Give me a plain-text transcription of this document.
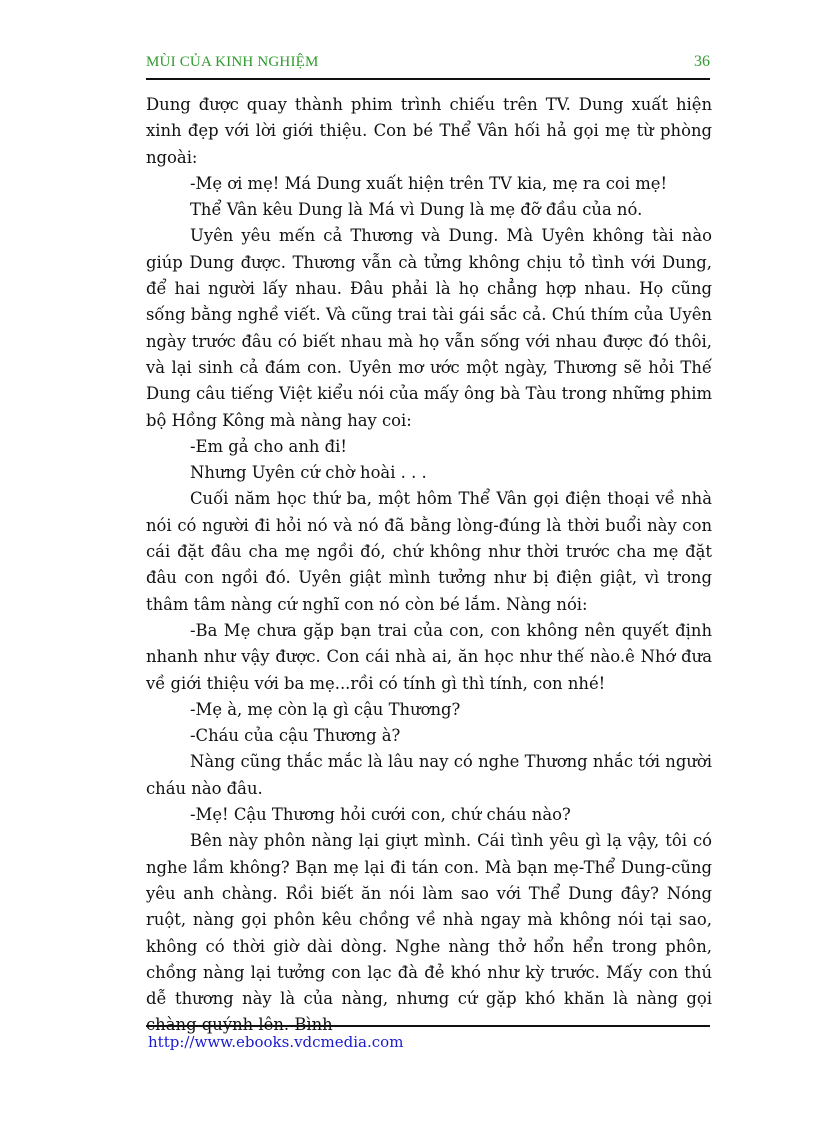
MÙI CỦA KINH NGHIỆM	36

Dung được quay thành phim trình chiếu trên TV. Dung xuất hiện xinh đẹp với lời giới thiệu. Con bé Thể Vân hối hả gọi mẹ từ phòng ngoài:

-Mẹ ơi mẹ! Má Dung xuất hiện trên TV kia, mẹ ra coi mẹ!

Thể Vân kêu Dung là Má vì Dung là mẹ đỡ đầu của nó.

Uyên yêu mến cả Thương và Dung. Mà Uyên không tài nào giúp Dung được. Thương vẫn cà tửng không chịu tỏ tình với Dung, để hai người lấy nhau. Đâu phải là họ chẳng hợp nhau. Họ cũng sống bằng nghề viết. Và cũng trai tài gái sắc cả. Chú thím của Uyên ngày trước đâu có biết nhau mà họ vẫn sống với nhau được đó thôi, và lại sinh cả đám con. Uyên mơ ước một ngày, Thương sẽ hỏi Thế Dung câu tiếng Việt kiểu nói của mấy ông bà Tàu trong những phim bộ Hồng Kông mà nàng hay coi:

-Em gả cho anh đi!

Nhưng Uyên cứ chờ hoài . . .

Cuối năm học thứ ba, một hôm Thể Vân gọi điện thoại về nhà nói có người đi hỏi nó và nó đã bằng lòng-đúng là thời buổi này con cái đặt đâu cha mẹ ngồi đó, chứ không như thời trước cha mẹ đặt đâu con ngồi đó. Uyên giật mình tưởng như bị điện giật, vì trong thâm tâm nàng cứ nghĩ con nó còn bé lắm. Nàng nói:

-Ba Mẹ chưa gặp bạn trai của con, con không nên quyết định nhanh như vậy được. Con cái nhà ai, ăn học như thế nào.ê Nhớ đưa về giới thiệu với ba mẹ...rồi có tính gì thì tính, con nhé!

-Mẹ à, mẹ còn lạ gì cậu Thương?

-Cháu của cậu Thương à?

Nàng cũng thắc mắc là lâu nay có nghe Thương nhắc tới người cháu nào đâu.

-Mẹ! Cậu Thương hỏi cưới con, chứ cháu nào?

Bên này phôn nàng lại giựt mình. Cái tình yêu gì lạ vậy, tôi có nghe lầm không? Bạn mẹ lại đi tán con. Mà bạn mẹ-Thể Dung-cũng yêu anh chàng. Rồi biết ăn nói làm sao với Thể Dung đây? Nóng ruột, nàng gọi phôn kêu chồng về nhà ngay mà không nói tại sao, không có thời giờ dài dòng. Nghe nàng thở hổn hển trong phôn, chồng nàng lại tưởng con lạc đà đẻ khó như kỳ trước. Mấy con thú dễ thương này là của nàng, nhưng cứ gặp khó khăn là nàng gọi chàng quýnh lên. Bình

http://www.ebooks.vdcmedia.com
